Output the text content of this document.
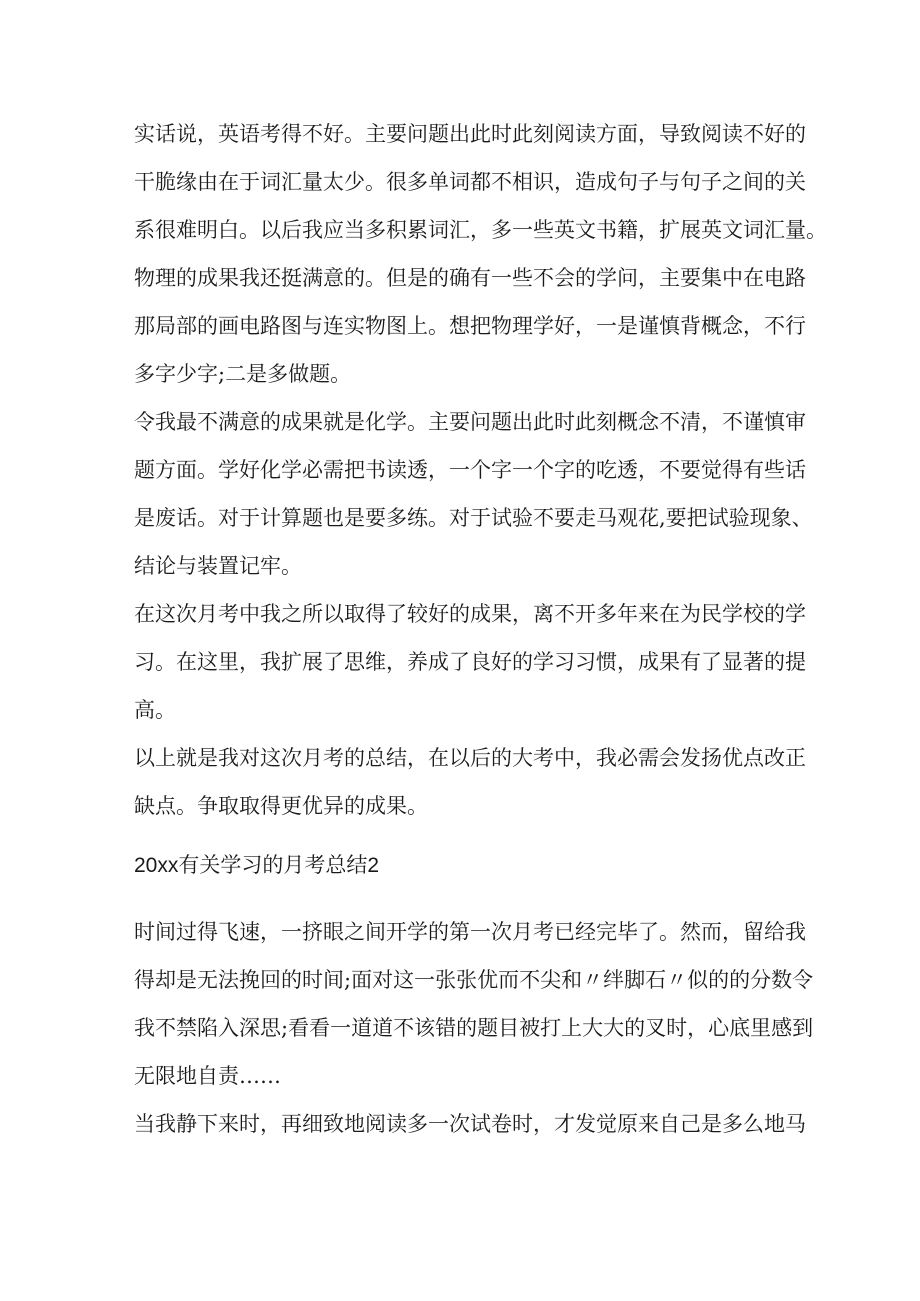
实话说，英语考得不好。主要问题出此时此刻阅读方面，导致阅读不好的
干脆缘由在于词汇量太少。很多单词都不相识，造成句子与句子之间的关
系很难明白。以后我应当多积累词汇，多一些英文书籍，扩展英文词汇量。
物理的成果我还挺满意的。但是的确有一些不会的学问，主要集中在电路
那局部的画电路图与连实物图上。想把物理学好，一是谨慎背概念，不行
多字少字;二是多做题。
令我最不满意的成果就是化学。主要问题出此时此刻概念不清，不谨慎审
题方面。学好化学必需把书读透，一个字一个字的吃透，不要觉得有些话
是废话。对于计算题也是要多练。对于试验不要走马观花,要把试验现象、
结论与装置记牢。
在这次月考中我之所以取得了较好的成果，离不开多年来在为民学校的学
习。在这里，我扩展了思维，养成了良好的学习习惯，成果有了显著的提
高。
以上就是我对这次月考的总结，在以后的大考中，我必需会发扬优点改正
缺点。争取取得更优异的成果。
20xx有关学习的月考总结2
时间过得飞速，一挤眼之间开学的第一次月考已经完毕了。然而，留给我
得却是无法挽回的时间;面对这一张张优而不尖和〃绊脚石〃似的的分数令
我不禁陷入深思;看看一道道不该错的题目被打上大大的叉时，心底里感到
无限地自责……
当我静下来时，再细致地阅读多一次试卷时，才发觉原来自己是多么地马
